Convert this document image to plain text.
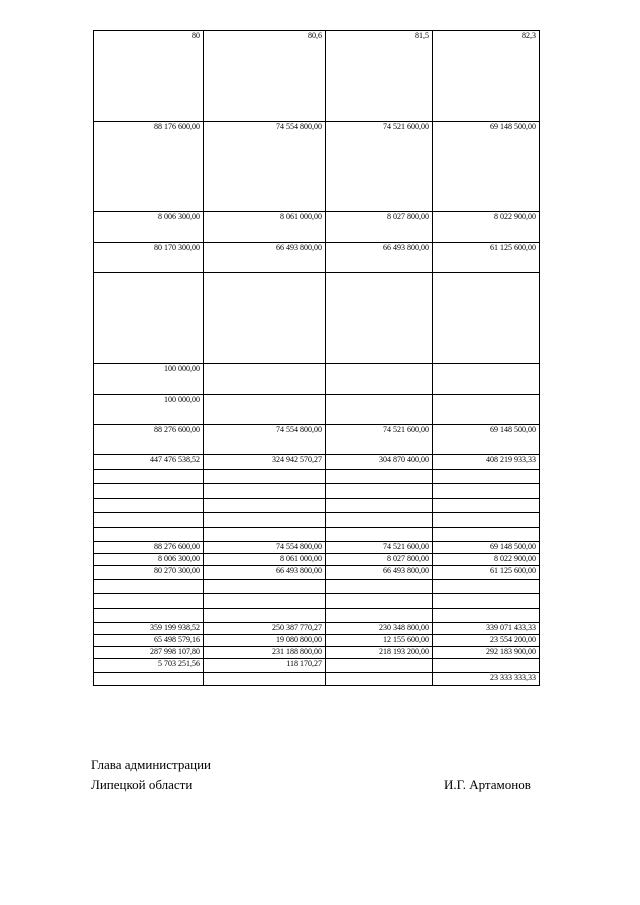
80	80,6	81,5	82,3
88 176 600,00	74 554 800,00	74 521 600,00	69 148 500,00
8 006 300,00	8 061 000,00	8 027 800,00	8 022 900,00
80 170 300,00	66 493 800,00	66 493 800,00	61 125 600,00

100 000,00			
100 000,00			
88 276 600,00	74 554 800,00	74 521 600,00	69 148 500,00
447 476 538,52	324 942 570,27	304 870 400,00	408 219 933,33

88 276 600,00	74 554 800,00	74 521 600,00	69 148 500,00
8 006 300,00	8 061 000,00	8 027 800,00	8 022 900,00
80 270 300,00	66 493 800,00	66 493 800,00	61 125 600,00

359 199 938,52	250 387 770,27	230 348 800,00	339 071 433,33
65 498 579,16	19 080 800,00	12 155 600,00	23 554 200,00
287 998 107,80	231 188 800,00	218 193 200,00	292 183 900,00
5 703 251,56	118 170,27		
			23 333 333,33
Глава администрации
Липецкой области	И.Г. Артамонов
